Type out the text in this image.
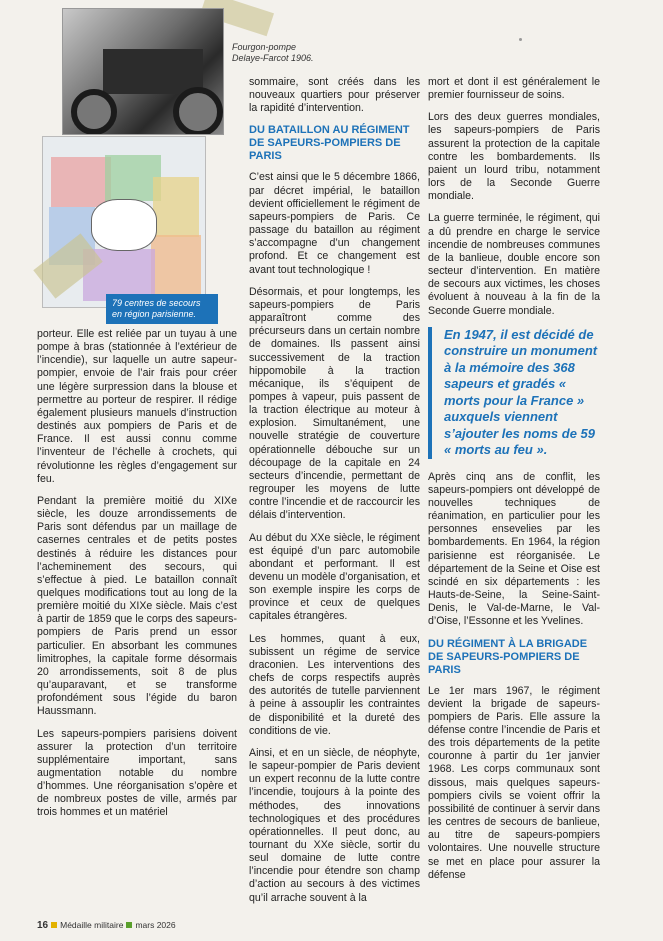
Fourgon-pompe
Delaye-Farcot 1906.
79 centres de secours en région parisienne.

porteur. Elle est reliée par un tuyau à une pompe à bras (stationnée à l’extérieur de l’incendie), sur laquelle un autre sapeur-pompier, envoie de l’air frais pour créer une légère surpression dans la blouse et permettre au porteur de respirer. Il rédige également plusieurs manuels d’instruction destinés aux pompiers de Paris et de France. Il est aussi connu comme l’inventeur de l’échelle à crochets, qui révolutionne les règles d’engagement sur feu.

Pendant la première moitié du XIXe siècle, les douze arrondissements de Paris sont défendus par un maillage de casernes centrales et de petits postes destinés à réduire les distances pour l’acheminement des secours, qui s’effectue à pied. Le bataillon connaît quelques modifications tout au long de la première moitié du XIXe siècle. Mais c’est à partir de 1859 que le corps des sapeurs-pompiers de Paris prend un essor particulier. En absorbant les communes limitrophes, la capitale forme désormais 20 arrondissements, soit 8 de plus qu’auparavant, et se transforme profondément sous l’égide du baron Haussmann.

Les sapeurs-pompiers parisiens doivent assurer la protection d’un territoire supplémentaire important, sans augmentation notable du nombre d’hommes. Une réorganisation s’opère et de nombreux postes de ville, armés par trois hommes et un matériel

sommaire, sont créés dans les nouveaux quartiers pour préserver la rapidité d’intervention.

DU BATAILLON AU RÉGIMENT DE SAPEURS-POMPIERS DE PARIS

C’est ainsi que le 5 décembre 1866, par décret impérial, le bataillon devient officiellement le régiment de sapeurs-pompiers de Paris. Ce passage du bataillon au régiment s’accompagne d’un changement profond. Et ce changement est avant tout technologique !

Désormais, et pour longtemps, les sapeurs-pompiers de Paris apparaîtront comme des précurseurs dans un certain nombre de domaines. Ils passent ainsi successivement de la traction hippomobile à la traction mécanique, ils s’équipent de pompes à vapeur, puis passent de la traction électrique au moteur à explosion. Simultanément, une nouvelle stratégie de couverture opérationnelle débouche sur un découpage de la capitale en 24 secteurs d’incendie, permettant de regrouper les moyens de lutte contre l’incendie et de raccourcir les délais d’intervention.

Au début du XXe siècle, le régiment est équipé d’un parc automobile abondant et performant. Il est devenu un modèle d’organisation, et son exemple inspire les corps de province et ceux de quelques capitales étrangères.

Les hommes, quant à eux, subissent un régime de service draconien. Les interventions des chefs de corps respectifs auprès des autorités de tutelle parviennent à peine à assouplir les contraintes de disponibilité et la dureté des conditions de vie.

Ainsi, et en un siècle, de néophyte, le sapeur-pompier de Paris devient un expert reconnu de la lutte contre l’incendie, toujours à la pointe des méthodes, des innovations technologiques et des procédures opérationnelles. Il peut donc, au tournant du XXe siècle, sortir du seul domaine de lutte contre l’incendie pour étendre son champ d’action au secours à des victimes qu’il arrache souvent à la

mort et dont il est généralement le premier fournisseur de soins.

Lors des deux guerres mondiales, les sapeurs-pompiers de Paris assurent la protection de la capitale contre les bombardements. Ils paient un lourd tribu, notamment lors de la Seconde Guerre mondiale.

La guerre terminée, le régiment, qui a dû prendre en charge le service incendie de nombreuses communes de la banlieue, double encore son secteur d’intervention. En matière de secours aux victimes, les choses évoluent à nouveau à la fin de la Seconde Guerre mondiale.

En 1947, il est décidé de construire un monument à la mémoire des 368 sapeurs et gradés « morts pour la France » auxquels viennent s’ajouter les noms de 59 « morts au feu ».

Après cinq ans de conflit, les sapeurs-pompiers ont développé de nouvelles techniques de réanimation, en particulier pour les personnes ensevelies par les bombardements. En 1964, la région parisienne est réorganisée. Le département de la Seine et Oise est scindé en six départements : les Hauts-de-Seine, la Seine-Saint-Denis, le Val-de-Marne, le Val-d’Oise, l’Essonne et les Yvelines.

DU RÉGIMENT À LA BRIGADE DE SAPEURS-POMPIERS DE PARIS

Le 1er mars 1967, le régiment devient la brigade de sapeurs-pompiers de Paris. Elle assure la défense contre l’incendie de Paris et des trois départements de la petite couronne à partir du 1er janvier 1968. Les corps communaux sont dissous, mais quelques sapeurs-pompiers civils se voient offrir la possibilité de continuer à servir dans les centres de secours de banlieue, au titre de sapeurs-pompiers volontaires. Une nouvelle structure se met en place pour assurer la défense

16 Médaille militaire mars 2026
